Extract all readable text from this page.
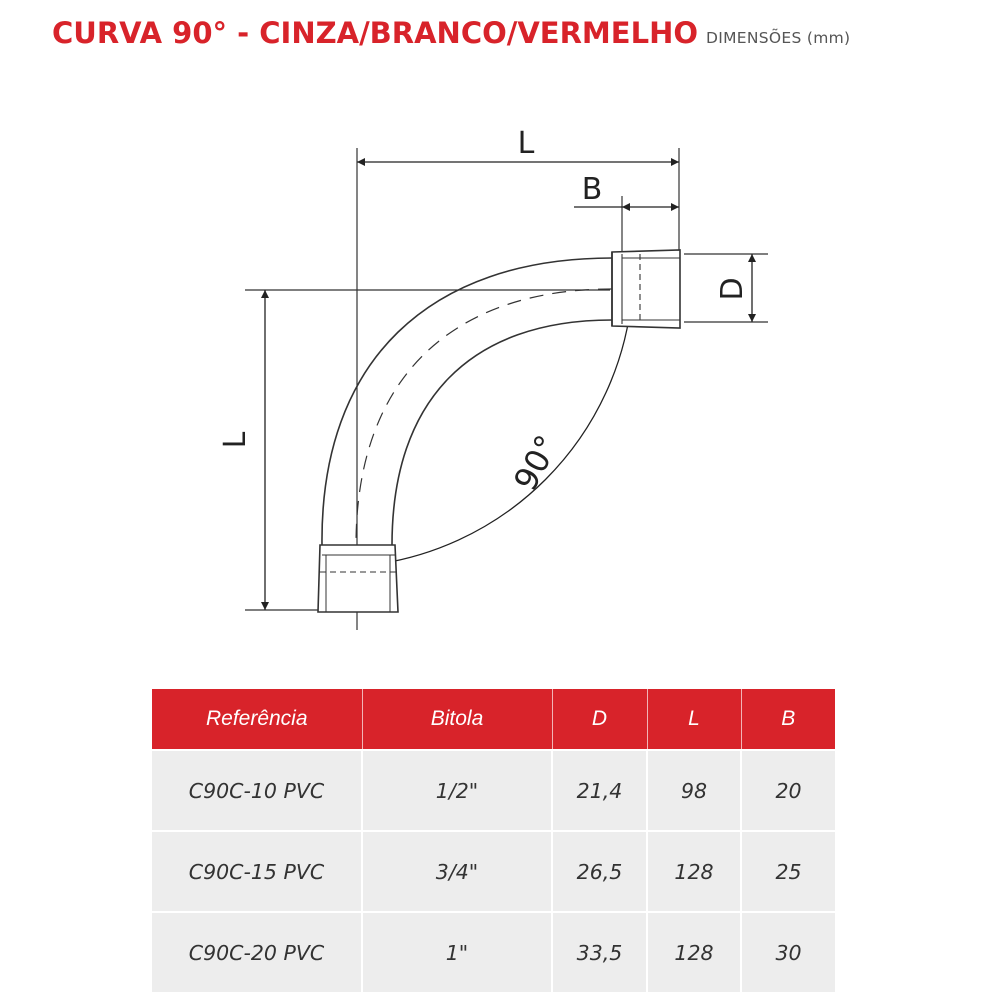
CURVA 90° - CINZA/BRANCO/VERMELHO DIMENSÕES (mm)
L
B
D
L	90°
Referência	Bitola	D	L	B
C90C-10 PVC	1/2"	21,4	98	20
C90C-15 PVC	3/4"	26,5	128	25
C90C-20 PVC	1"	33,5	128	30
